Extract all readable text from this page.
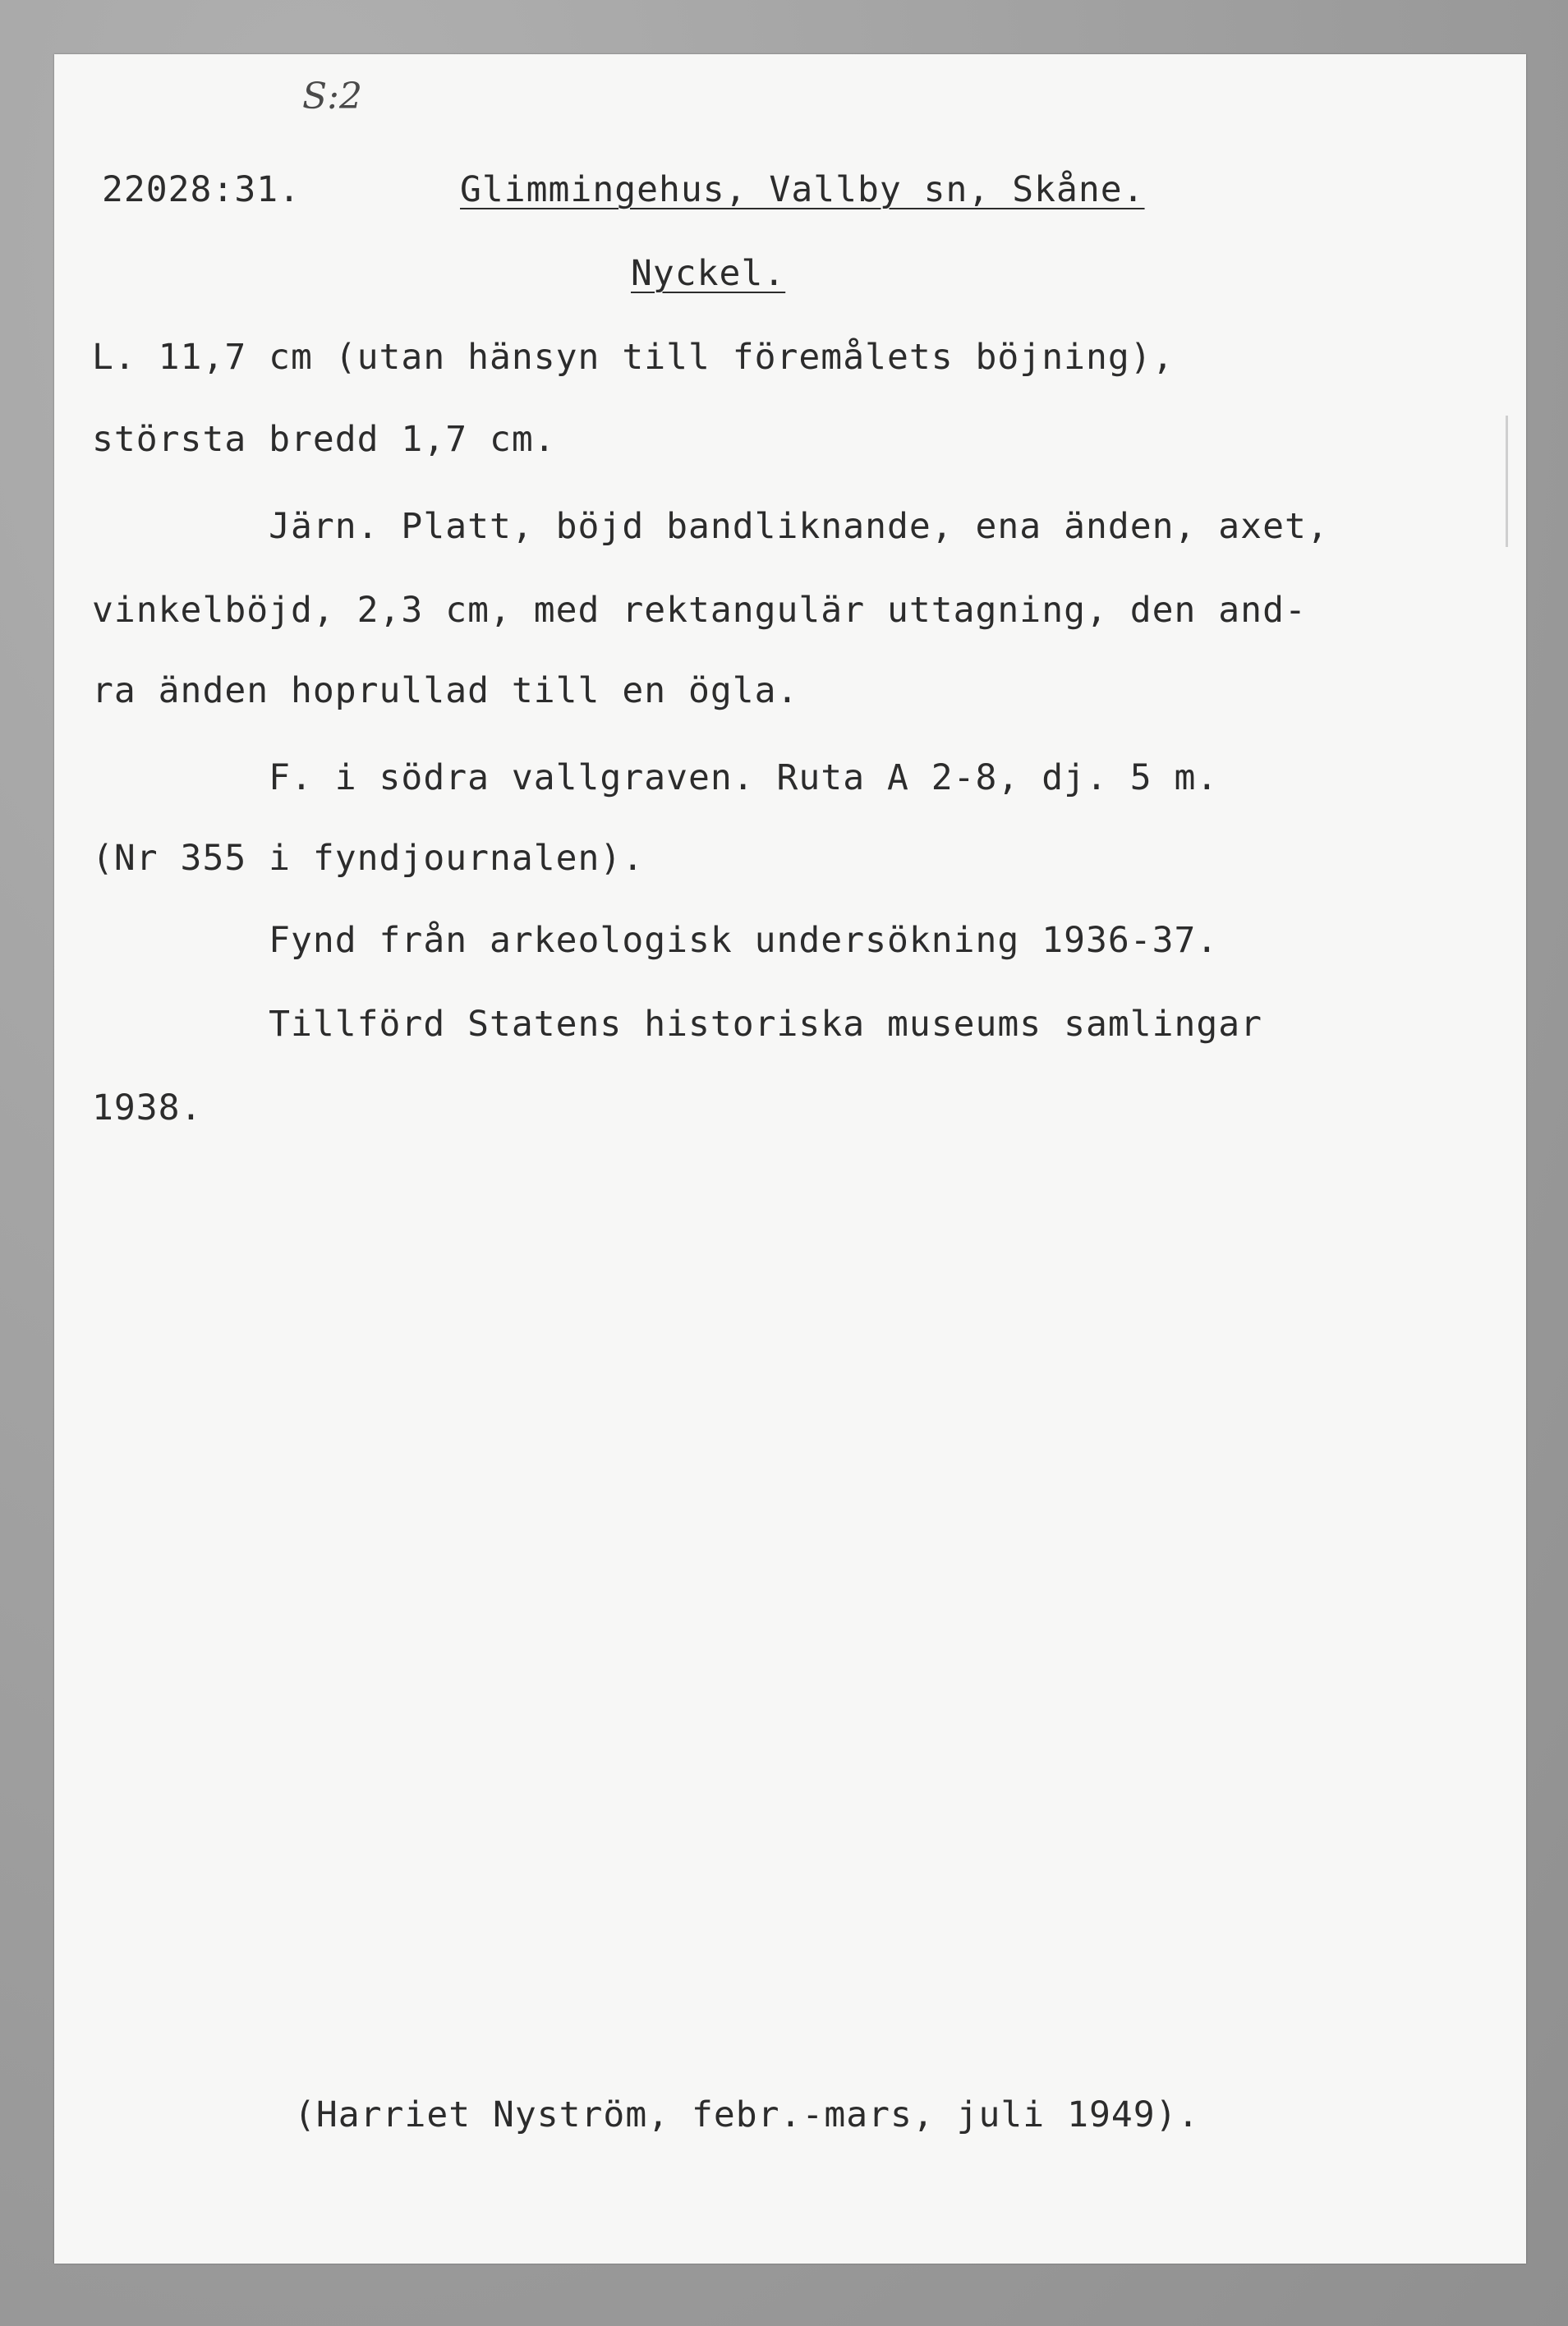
S:2
22028:31.	Glimmingehus, Vallby sn, Skåne.
Nyckel.
L. 11,7 cm (utan hänsyn till föremålets böjning),
största bredd 1,7 cm.
Järn. Platt, böjd bandliknande, ena änden, axet,
vinkelböjd, 2,3 cm, med rektangulär uttagning, den and-
ra änden hoprullad till en ögla.
F. i södra vallgraven. Ruta A 2-8, dj. 5 m.
(Nr 355 i fyndjournalen).
Fynd från arkeologisk undersökning 1936-37.
Tillförd Statens historiska museums samlingar
1938.
(Harriet Nyström, febr.-mars, juli 1949).
